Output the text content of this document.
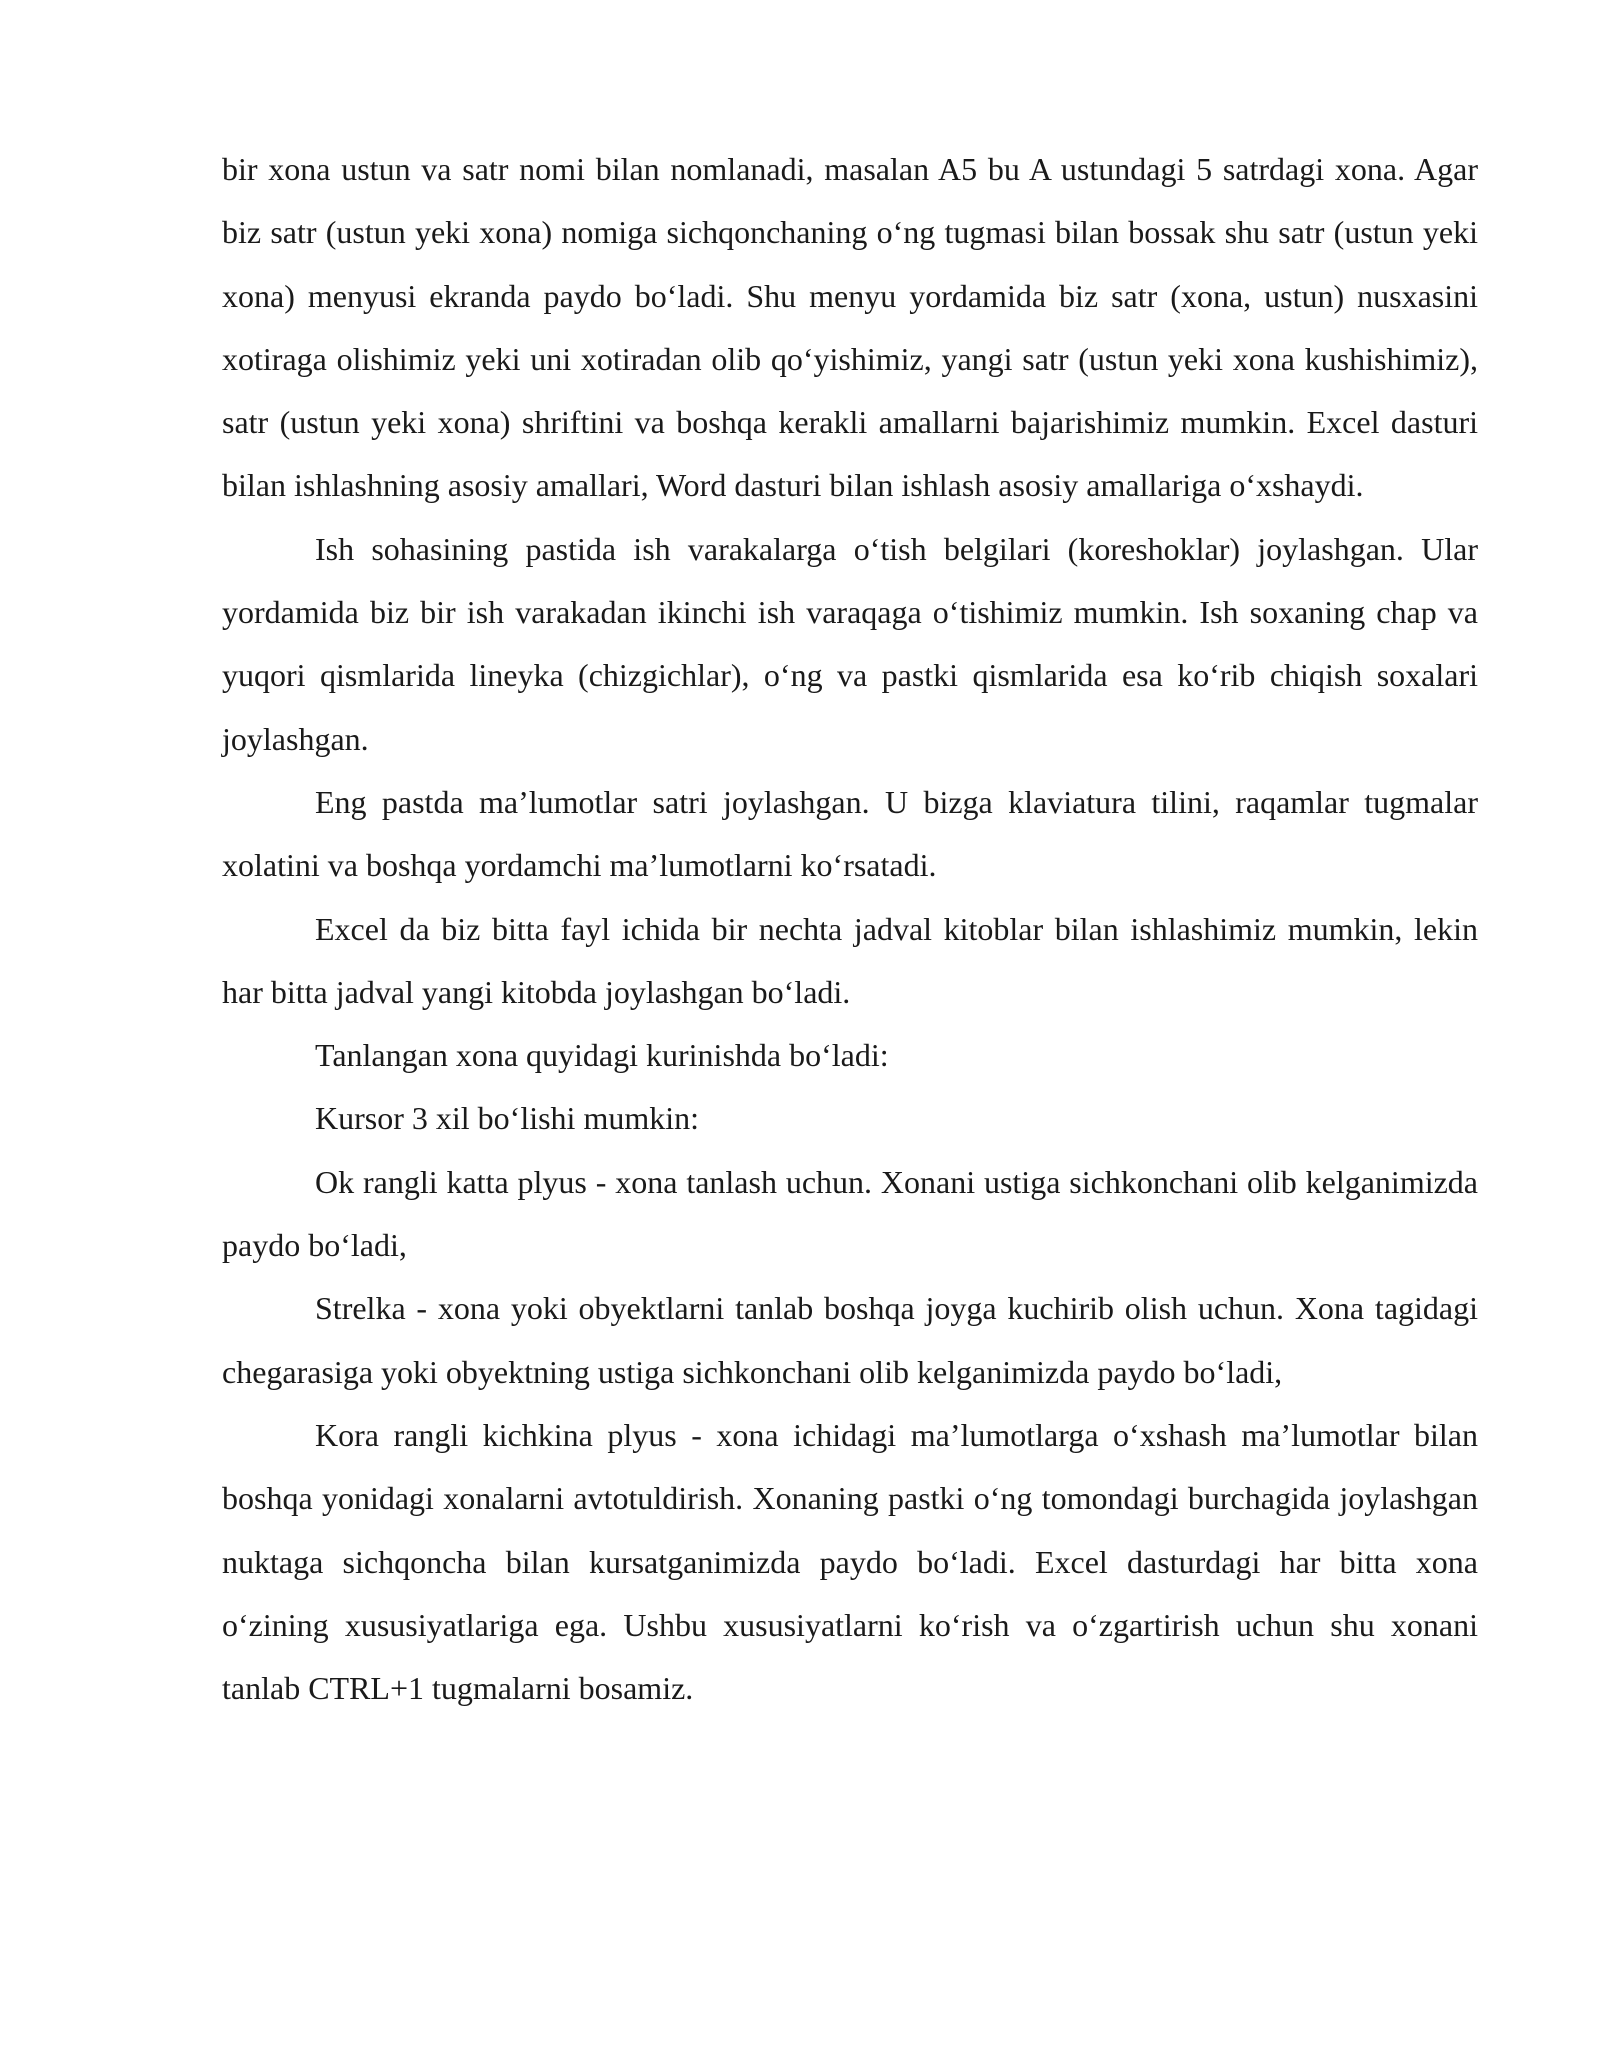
bir xona ustun va satr nomi bilan nomlanadi, masalan A5 bu A ustundagi 5 satrdagi xona. Agar biz satr (ustun yeki xona) nomiga sichqonchaning o‘ng tugmasi bilan bossak shu satr (ustun yeki xona) menyusi ekranda paydo bo‘ladi. Shu menyu yordamida biz satr (xona, ustun) nusxasini xotiraga olishimiz yeki uni xotiradan olib qo‘yishimiz, yangi satr (ustun yeki xona kushishimiz), satr (ustun yeki xona) shriftini va boshqa kerakli amallarni bajarishimiz mumkin. Excel dasturi bilan ishlashning asosiy amallari, Word dasturi bilan ishlash asosiy amallariga o‘xshaydi.

Ish sohasining pastida ish varakalarga o‘tish belgilari (koreshoklar) joylashgan. Ular yordamida biz bir ish varakadan ikinchi ish varaqaga o‘tishimiz mumkin. Ish soxaning chap va yuqori qismlarida lineyka (chizgichlar), o‘ng va pastki qismlarida esa ko‘rib chiqish soxalari joylashgan.

Eng pastda ma’lumotlar satri joylashgan. U bizga klaviatura tilini, raqamlar tugmalar xolatini va boshqa yordamchi ma’lumotlarni ko‘rsatadi.

Excel da biz bitta fayl ichida bir nechta jadval kitoblar bilan ishlashimiz mumkin, lekin har bitta jadval yangi kitobda joylashgan bo‘ladi.

Tanlangan xona quyidagi kurinishda bo‘ladi:

Kursor 3 xil bo‘lishi mumkin:

Ok rangli katta plyus - xona tanlash uchun. Xonani ustiga sichkonchani olib kelganimizda paydo bo‘ladi,

Strelka - xona yoki obyektlarni tanlab boshqa joyga kuchirib olish uchun. Xona tagidagi chegarasiga yoki obyektning ustiga sichkonchani olib kelganimizda paydo bo‘ladi,

Kora rangli kichkina plyus - xona ichidagi ma’lumotlarga o‘xshash ma’lumotlar bilan boshqa yonidagi xonalarni avtotuldirish. Xonaning pastki o‘ng tomondagi burchagida joylashgan nuktaga sichqoncha bilan kursatganimizda paydo bo‘ladi. Excel dasturdagi har bitta xona o‘zining xususiyatlariga ega. Ushbu xususiyatlarni ko‘rish va o‘zgartirish uchun shu xonani tanlab CTRL+1 tugmalarni bosamiz.
